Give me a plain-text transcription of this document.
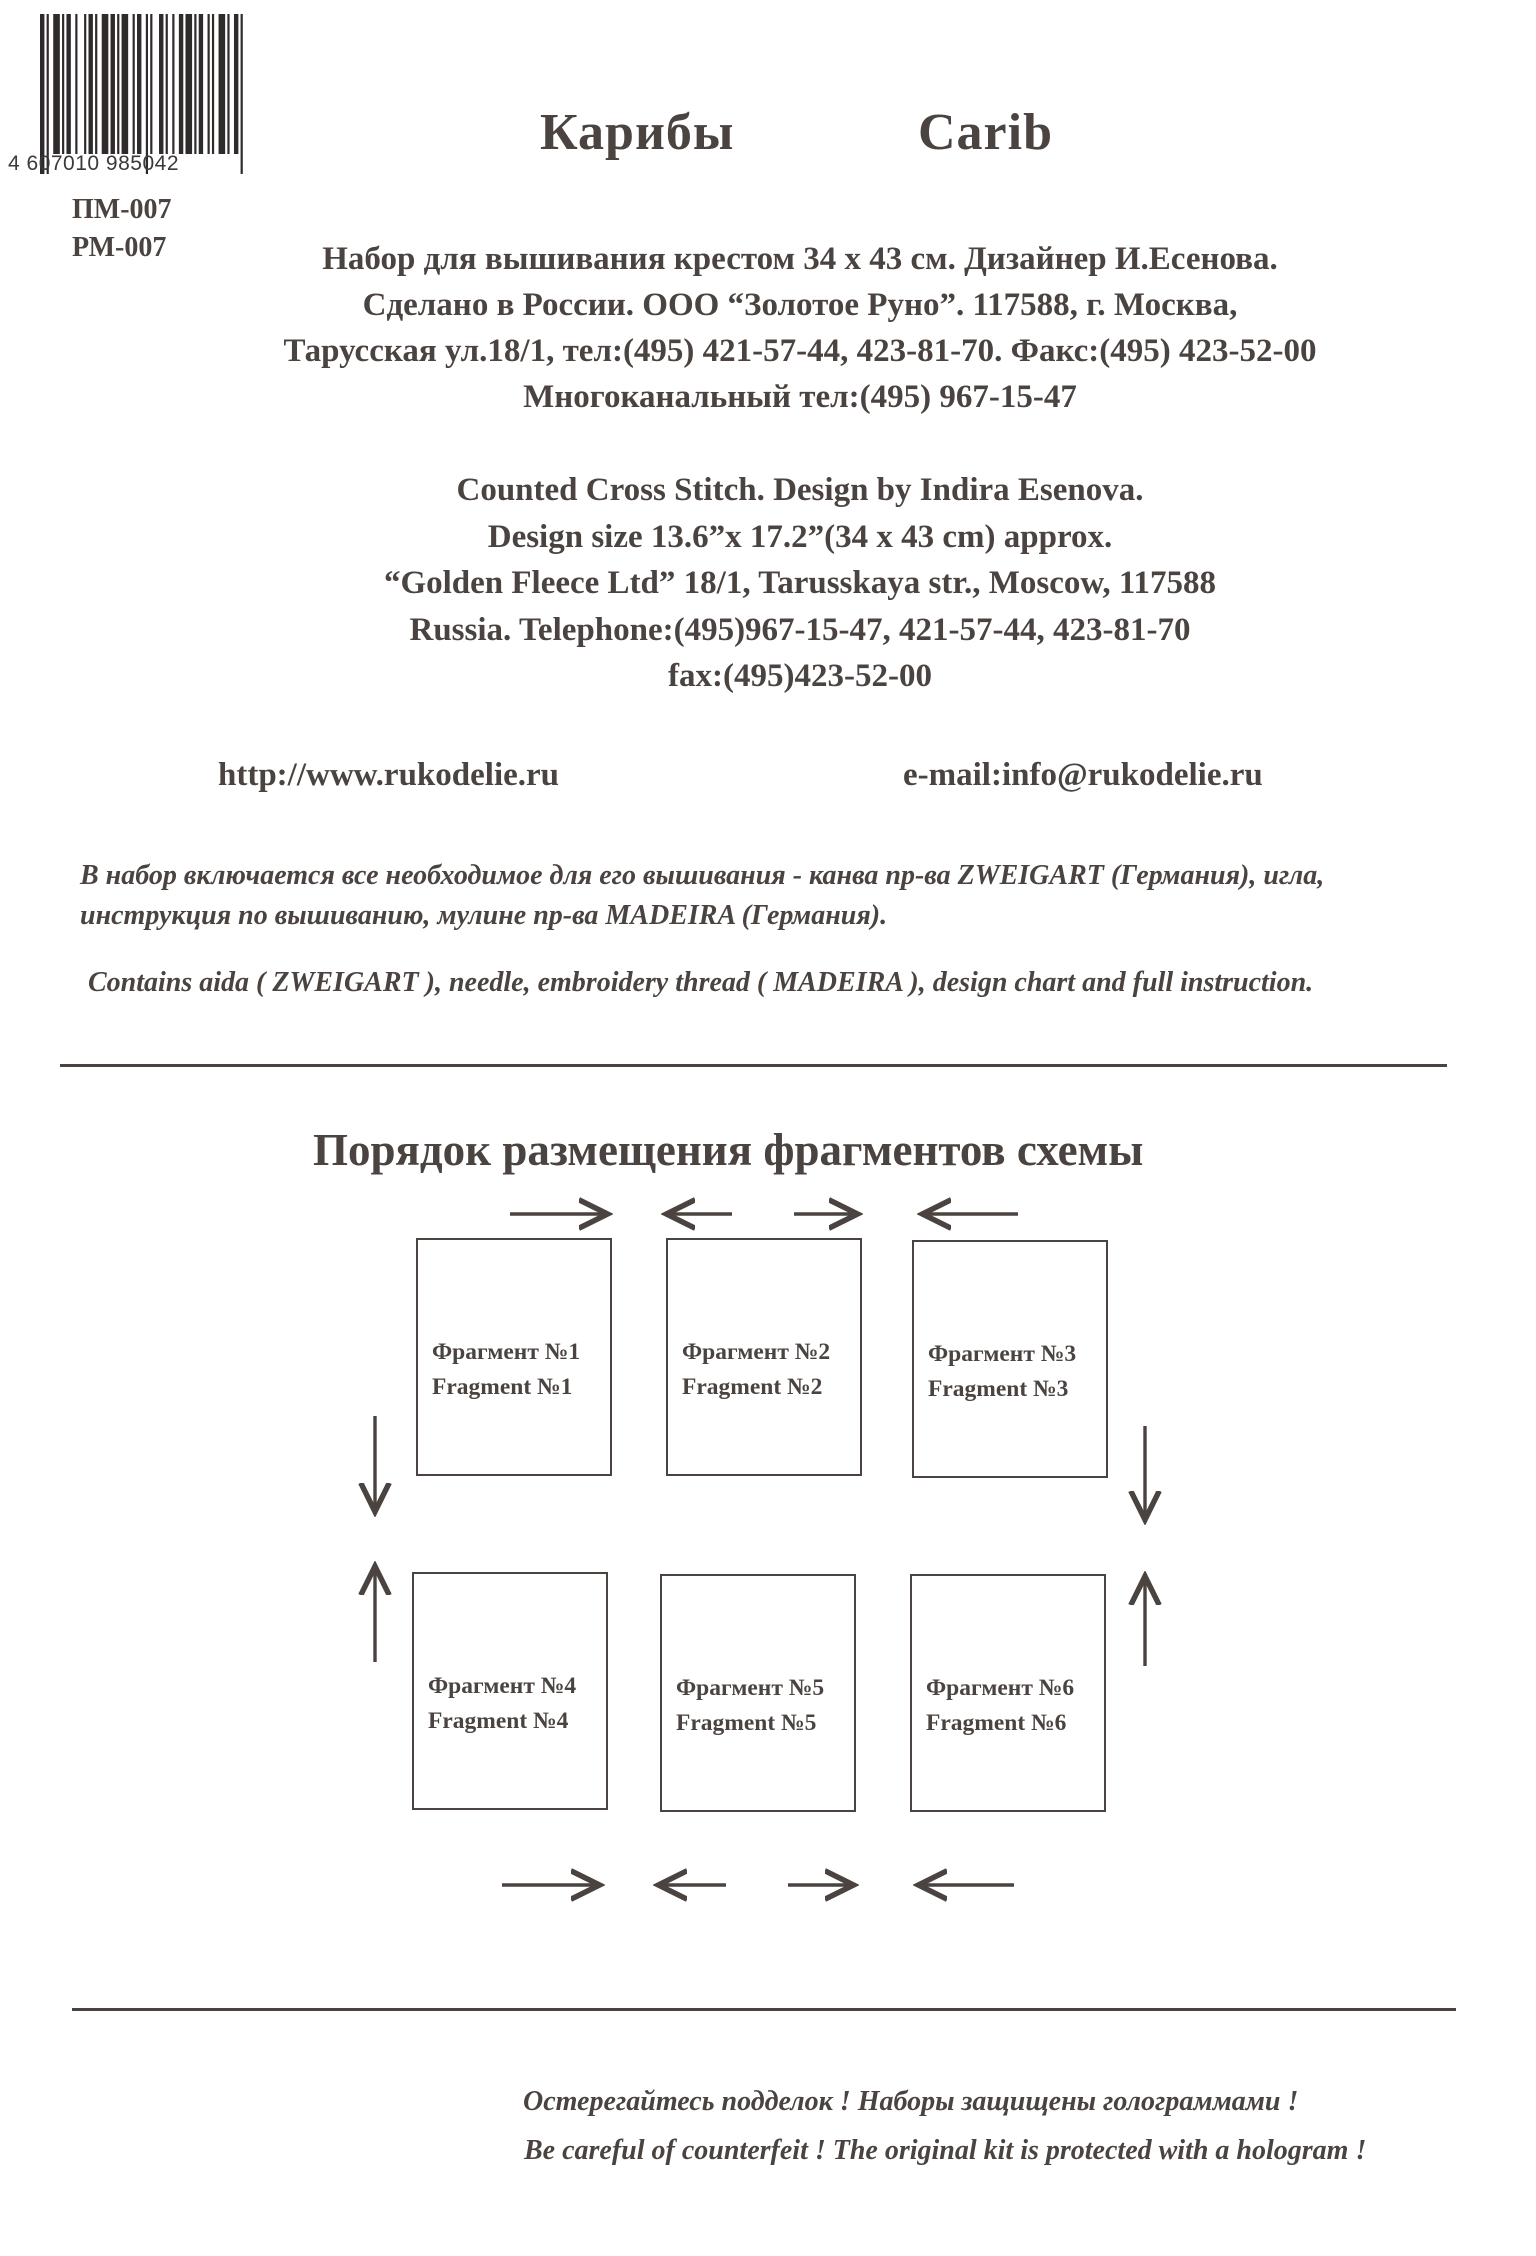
4 607010 985042
ПМ-007
РМ-007
Карибы	Carib
Набор для вышивания крестом 34 х 43 см. Дизайнер И.Есенова.
Сделано в России. ООО “Золотое Руно”. 117588, г. Москва,
Тарусская ул.18/1, тел:(495) 421-57-44, 423-81-70. Факс:(495) 423-52-00
Многоканальный тел:(495) 967-15-47
Counted Cross Stitch. Design by Indira Esenova.
Design size 13.6”x 17.2”(34 x 43 cm) approx.
“Golden Fleece Ltd” 18/1, Tarusskaya str., Moscow, 117588
Russia. Telephone:(495)967-15-47, 421-57-44, 423-81-70
fax:(495)423-52-00
http://www.rukodelie.ru	e-mail:info@rukodelie.ru
В набор включается все необходимое для его вышивания - канва пр-ва ZWEIGART (Германия), игла,
инструкция по вышиванию, мулине пр-ва MADEIRA (Германия).
Contains aida ( ZWEIGART ), needle, embroidery thread ( MADEIRA ), design chart and full instruction.
Порядок размещения фрагментов схемы
Фрагмент №1
Fragment №1
Фрагмент №2
Fragment №2
Фрагмент №3
Fragment №3
Фрагмент №4
Fragment №4
Фрагмент №5
Fragment №5
Фрагмент №6
Fragment №6
Остерегайтесь подделок ! Наборы защищены голограммами !
Be careful of counterfeit ! The original kit is protected with a hologram !
